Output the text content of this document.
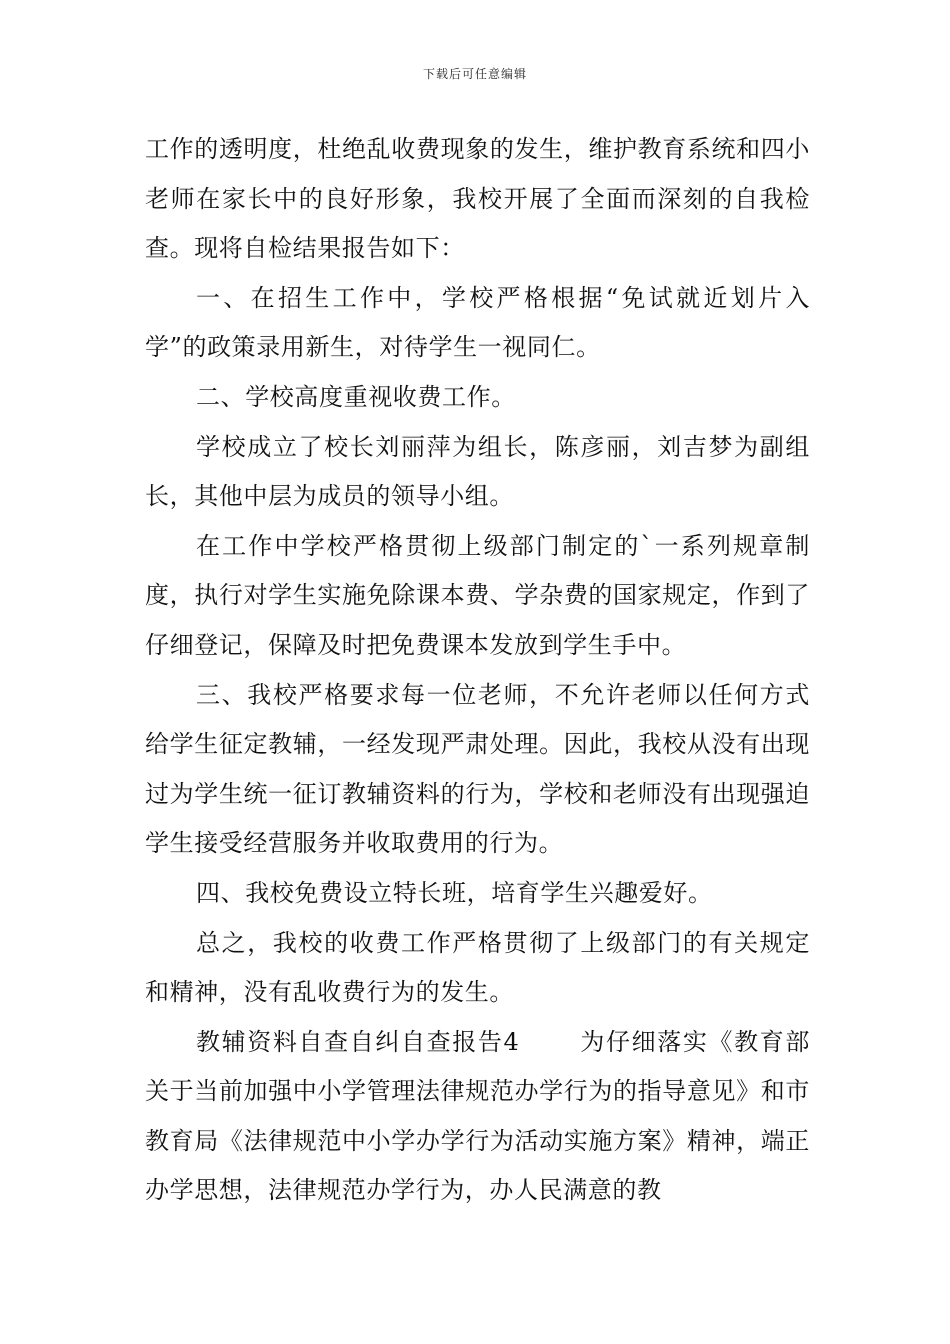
下载后可任意编辑

工作的透明度，杜绝乱收费现象的发生，维护教育系统和四小老师在家长中的良好形象，我校开展了全面而深刻的自我检查。现将自检结果报告如下：

一、在招生工作中，学校严格根据“免试就近划片入学”的政策录用新生，对待学生一视同仁。

二、学校高度重视收费工作。

学校成立了校长刘丽萍为组长，陈彦丽，刘吉梦为副组长，其他中层为成员的领导小组。

在工作中学校严格贯彻上级部门制定的`一系列规章制度，执行对学生实施免除课本费、学杂费的国家规定，作到了仔细登记，保障及时把免费课本发放到学生手中。

三、我校严格要求每一位老师，不允许老师以任何方式给学生征定教辅，一经发现严肃处理。因此，我校从没有出现过为学生统一征订教辅资料的行为，学校和老师没有出现强迫学生接受经营服务并收取费用的行为。

四、我校免费设立特长班，培育学生兴趣爱好。

总之，我校的收费工作严格贯彻了上级部门的有关规定和精神，没有乱收费行为的发生。

教辅资料自查自纠自查报告4	为仔细落实《教育部关于当前加强中小学管理法律规范办学行为的指导意见》和市教育局《法律规范中小学办学行为活动实施方案》精神，端正办学思想，法律规范办学行为，办人民满意的教
